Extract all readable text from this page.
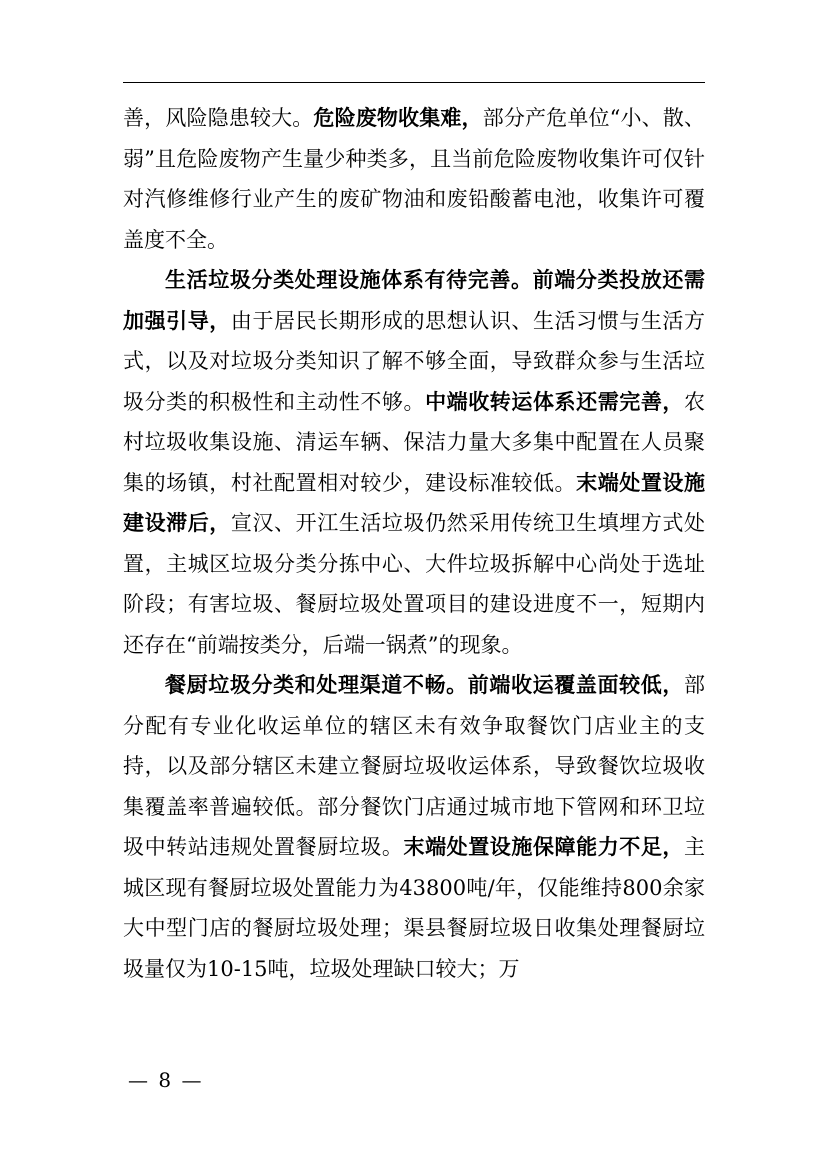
善，风险隐患较大。危险废物收集难，部分产危单位“小、散、弱”且危险废物产生量少种类多，且当前危险废物收集许可仅针对汽修维修行业产生的废矿物油和废铅酸蓄电池，收集许可覆盖度不全。

生活垃圾分类处理设施体系有待完善。前端分类投放还需加强引导，由于居民长期形成的思想认识、生活习惯与生活方式，以及对垃圾分类知识了解不够全面，导致群众参与生活垃圾分类的积极性和主动性不够。中端收转运体系还需完善，农村垃圾收集设施、清运车辆、保洁力量大多集中配置在人员聚集的场镇，村社配置相对较少，建设标准较低。末端处置设施建设滞后，宣汉、开江生活垃圾仍然采用传统卫生填埋方式处置，主城区垃圾分类分拣中心、大件垃圾拆解中心尚处于选址阶段；有害垃圾、餐厨垃圾处置项目的建设进度不一，短期内还存在“前端按类分，后端一锅煮”的现象。

餐厨垃圾分类和处理渠道不畅。前端收运覆盖面较低，部分配有专业化收运单位的辖区未有效争取餐饮门店业主的支持，以及部分辖区未建立餐厨垃圾收运体系，导致餐饮垃圾收集覆盖率普遍较低。部分餐饮门店通过城市地下管网和环卫垃圾中转站违规处置餐厨垃圾。末端处置设施保障能力不足，主城区现有餐厨垃圾处置能力为43800吨/年，仅能维持800余家大中型门店的餐厨垃圾处理；渠县餐厨垃圾日收集处理餐厨垃圾量仅为10-15吨，垃圾处理缺口较大；万

— 8 —
